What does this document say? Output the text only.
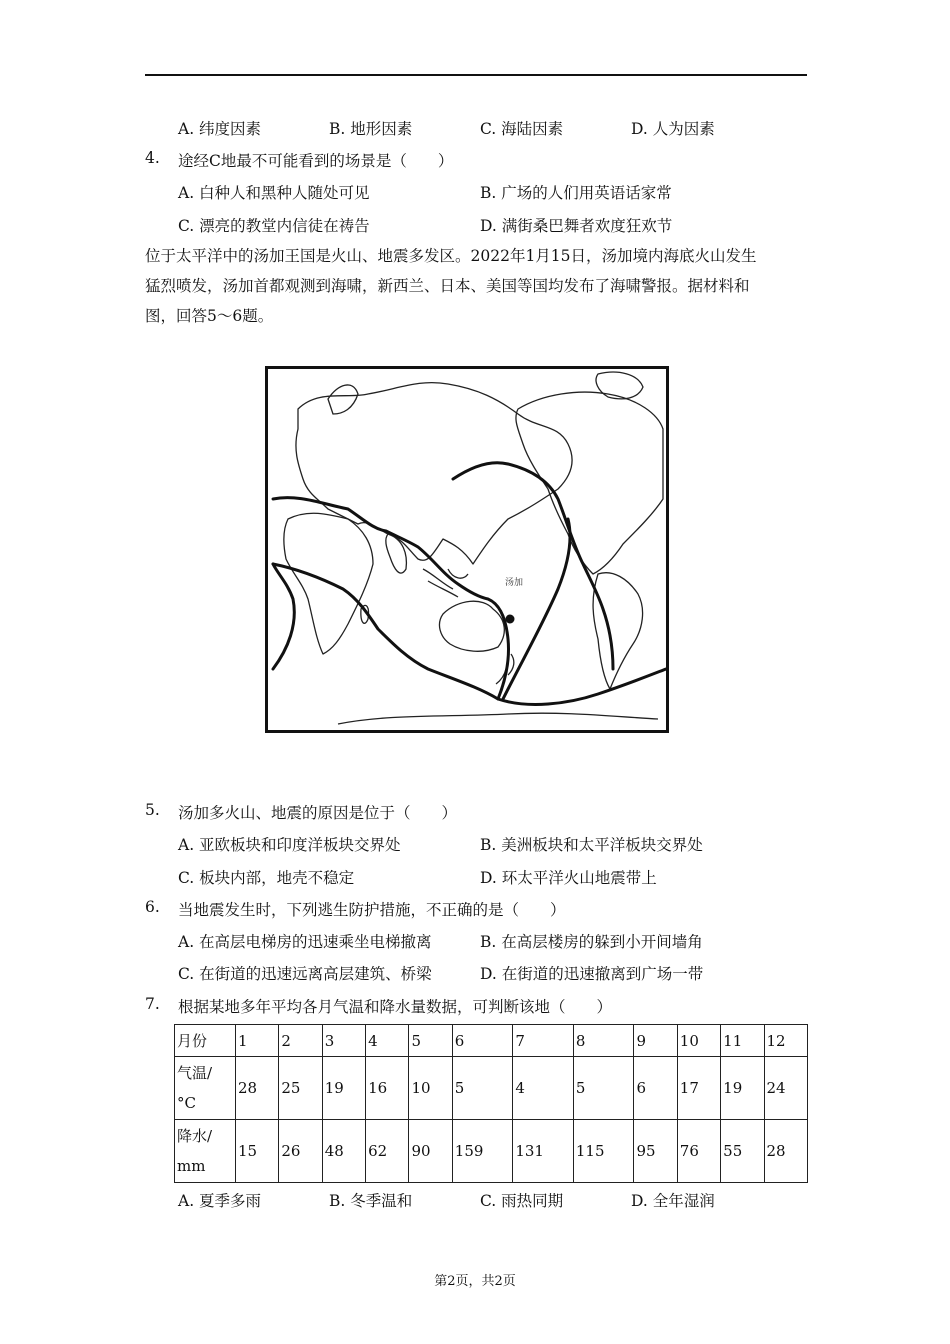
A. 纬度因素	B. 地形因素	C. 海陆因素	D. 人为因素
4. 途经C地最不可能看到的场景是（　　）
A. 白种人和黑种人随处可见	B. 广场的人们用英语话家常
C. 漂亮的教堂内信徒在祷告	D. 满街桑巴舞者欢度狂欢节
位于太平洋中的汤加王国是火山、地震多发区。2022年1月15日，汤加境内海底火山发生
猛烈喷发，汤加首都观测到海啸，新西兰、日本、美国等国均发布了海啸警报。据材料和
图，回答5～6题。
汤加
5. 汤加多火山、地震的原因是位于（　　）
A. 亚欧板块和印度洋板块交界处	B. 美洲板块和太平洋板块交界处
C. 板块内部，地壳不稳定	D. 环太平洋火山地震带上
6. 当地震发生时，下列逃生防护措施，不正确的是（　　）
A. 在高层电梯房的迅速乘坐电梯撤离	B. 在高层楼房的躲到小开间墙角
C. 在街道的迅速远离高层建筑、桥梁	D. 在街道的迅速撤离到广场一带
7. 根据某地多年平均各月气温和降水量数据，可判断该地（　　）
月份	1	2	3	4	5	6	7	8	9	10	11	12
气温/
°C	28	25	19	16	10	5	4	5	6	17	19	24
降水/
mm	15	26	48	62	90	159	131	115	95	76	55	28
A. 夏季多雨	B. 冬季温和	C. 雨热同期	D. 全年湿润
第2页，共2页
